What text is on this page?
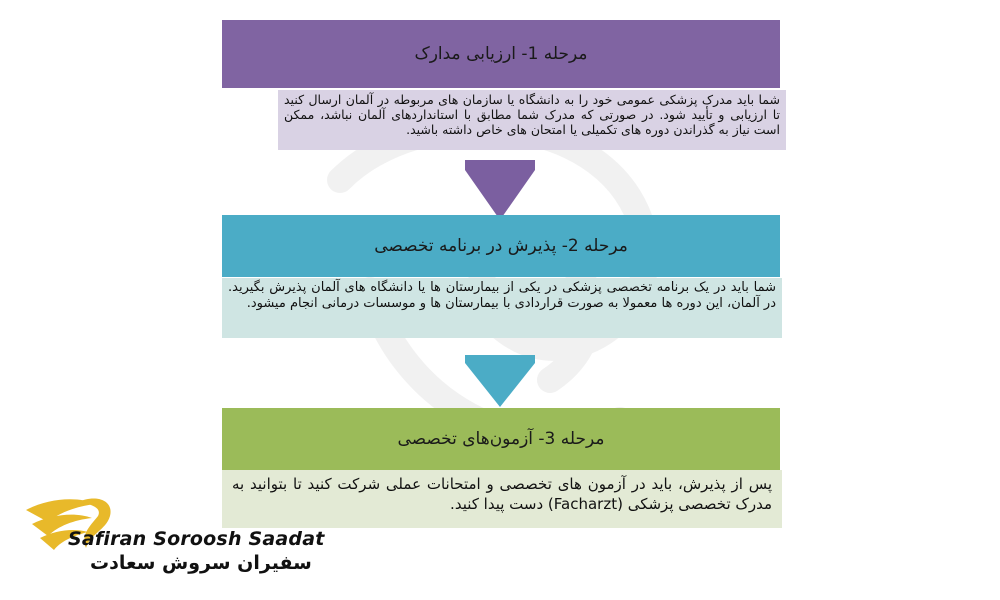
مرحله 1- ارزیابی مدارک
شما باید مدرک پزشکی عمومی خود را به دانشگاه یا سازمان های مربوطه در آلمان ارسال کنید تا ارزیابی و تأیید شود. در صورتی که مدرک شما مطابق با استانداردهای آلمان نباشد، ممکن است نیاز به گذراندن دوره های تکمیلی یا امتحان های خاص داشته باشید.
مرحله 2- پذیرش در برنامه تخصصی
شما باید در یک برنامه تخصصی پزشکی در یکی از بیمارستان ها یا دانشگاه های آلمان پذیرش بگیرید. در آلمان، این دوره ها معمولا به صورت قراردادی با بیمارستان ها و موسسات درمانی انجام میشود.
مرحله 3- آزمون‌های تخصصی
پس از پذیرش، باید در آزمون های تخصصی و امتحانات عملی شرکت کنید تا بتوانید به مدرک تخصصی پزشکی (Facharzt) دست پیدا کنید.
Safiran Soroosh Saadat
سفیران سروش سعادت
